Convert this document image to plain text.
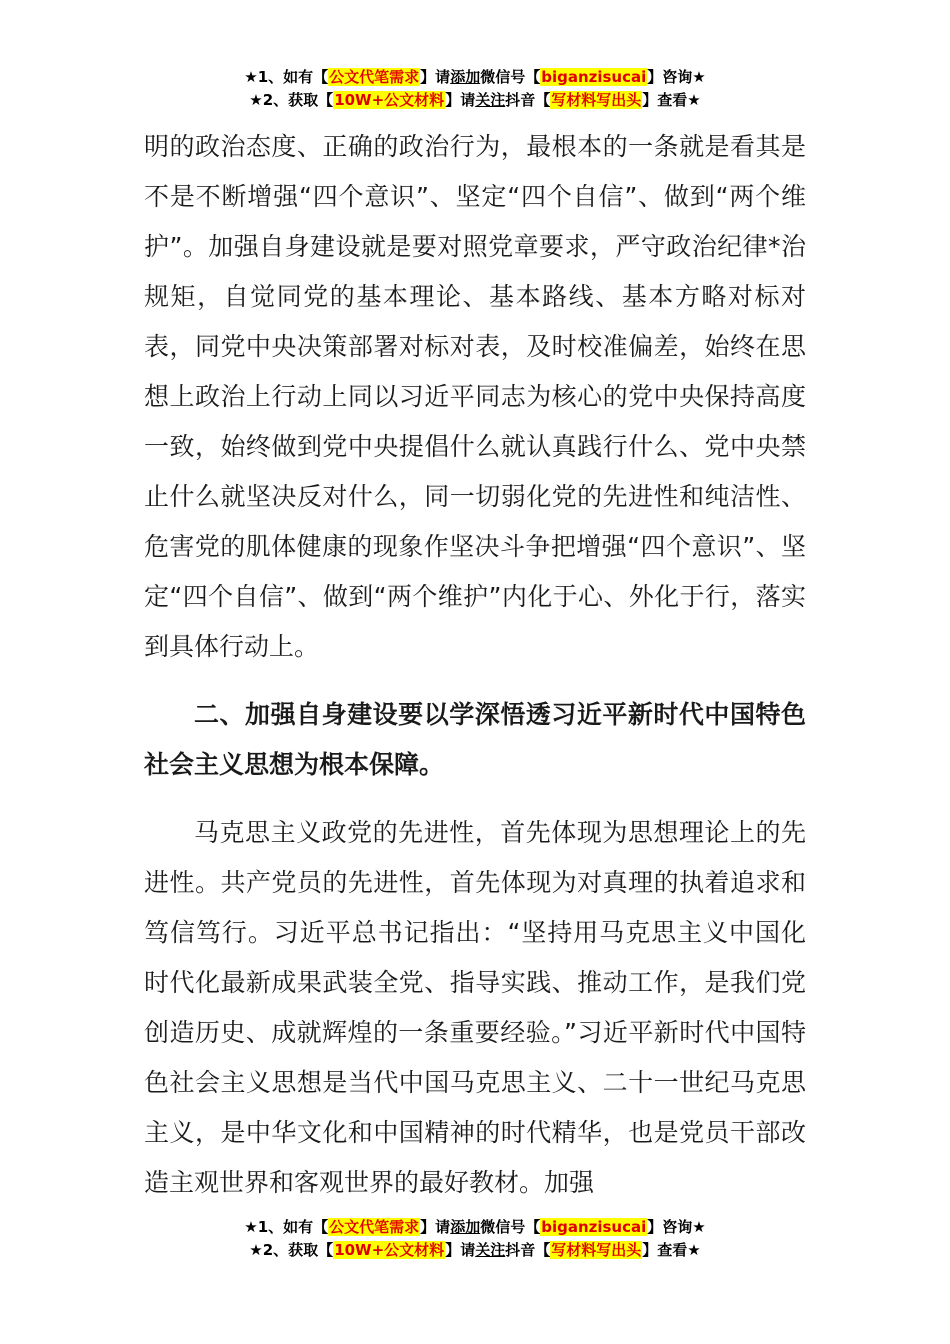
★1、如有【公文代笔需求】请添加微信号【biganzisucai】咨询★
★2、获取【10W+公文材料】请关注抖音【写材料写出头】查看★

明的政治态度、正确的政治行为，最根本的一条就是看其是不是不断增强“四个意识”、坚定“四个自信”、做到“两个维护”。加强自身建设就是要对照党章要求，严守政治纪律*治规矩，自觉同党的基本理论、基本路线、基本方略对标对表，同党中央决策部署对标对表，及时校准偏差，始终在思想上政治上行动上同以习近平同志为核心的党中央保持高度一致，始终做到党中央提倡什么就认真践行什么、党中央禁止什么就坚决反对什么，同一切弱化党的先进性和纯洁性、危害党的肌体健康的现象作坚决斗争把增强“四个意识”、坚定“四个自信”、做到“两个维护”内化于心、外化于行，落实到具体行动上。

二、加强自身建设要以学深悟透习近平新时代中国特色社会主义思想为根本保障。

马克思主义政党的先进性，首先体现为思想理论上的先进性。共产党员的先进性，首先体现为对真理的执着追求和笃信笃行。习近平总书记指出：“坚持用马克思主义中国化时代化最新成果武装全党、指导实践、推动工作，是我们党创造历史、成就辉煌的一条重要经验。”习近平新时代中国特色社会主义思想是当代中国马克思主义、二十一世纪马克思主义，是中华文化和中国精神的时代精华，也是党员干部改造主观世界和客观世界的最好教材。加强

★1、如有【公文代笔需求】请添加微信号【biganzisucai】咨询★
★2、获取【10W+公文材料】请关注抖音【写材料写出头】查看★
